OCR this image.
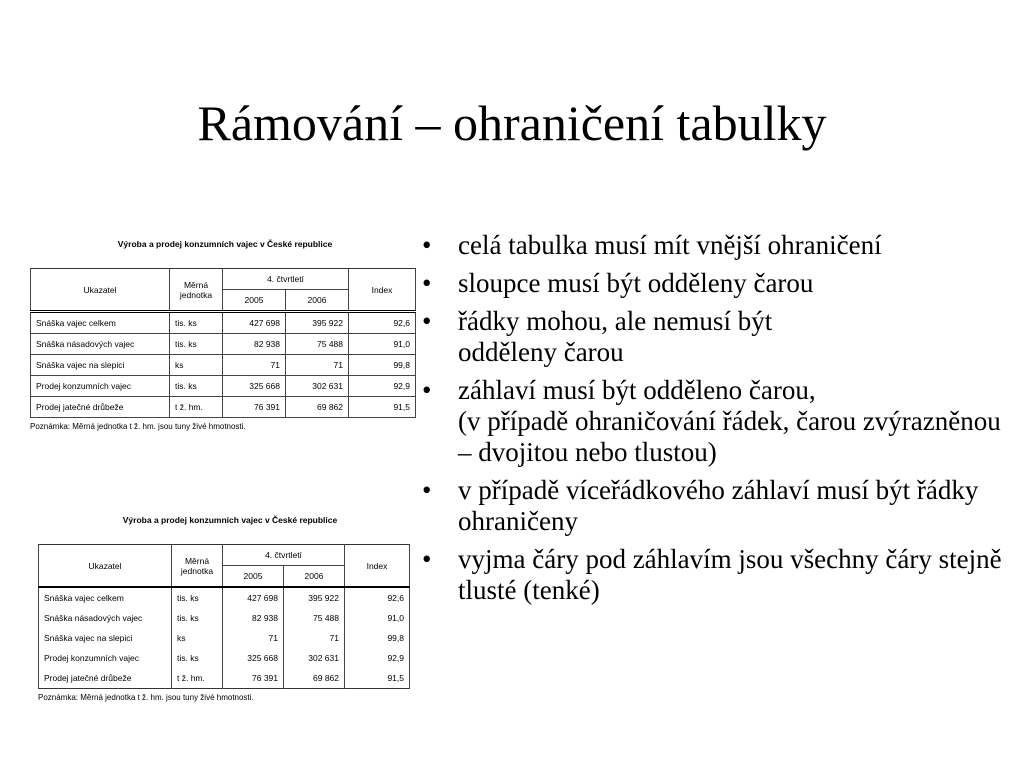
Rámování – ohraničení tabulky
Výroba a prodej konzumních vajec v České republice
Ukazatel	Měrná jednotka	4. čtvrtletí		Index
		2005	2006	
Snáška vajec celkem	tis. ks	427 698	395 922	92,6
Snáška násadových vajec	tis. ks	82 938	75 488	91,0
Snáška vajec na slepici	ks	71	71	99,8
Prodej konzumních vajec	tis. ks	325 668	302 631	92,9
Prodej jatečné drůbeže	t ž. hm.	76 391	69 862	91,5
Poznámka: Měrná jednotka t ž. hm. jsou tuny živé hmotnosti.
Výroba a prodej konzumních vajec v České republice
Ukazatel	Měrná jednotka	4. čtvrtletí		Index
		2005	2006	
Snáška vajec celkem	tis. ks	427 698	395 922	92,6
Snáška násadových vajec	tis. ks	82 938	75 488	91,0
Snáška vajec na slepici	ks	71	71	99,8
Prodej konzumních vajec	tis. ks	325 668	302 631	92,9
Prodej jatečné drůbeže	t ž. hm.	76 391	69 862	91,5
Poznámka: Měrná jednotka t ž. hm. jsou tuny živé hmotnosti.
• celá tabulka musí mít vnější ohraničení
• sloupce musí být odděleny čarou
• řádky mohou, ale nemusí být
odděleny čarou
• záhlaví musí být odděleno čarou,
(v případě ohraničování řádek, čarou zvýrazněnou – dvojitou nebo tlustou)
• v případě víceřádkového záhlaví musí být řádky ohraničeny
• vyjma čáry pod záhlavím jsou všechny čáry stejně tlusté (tenké)
